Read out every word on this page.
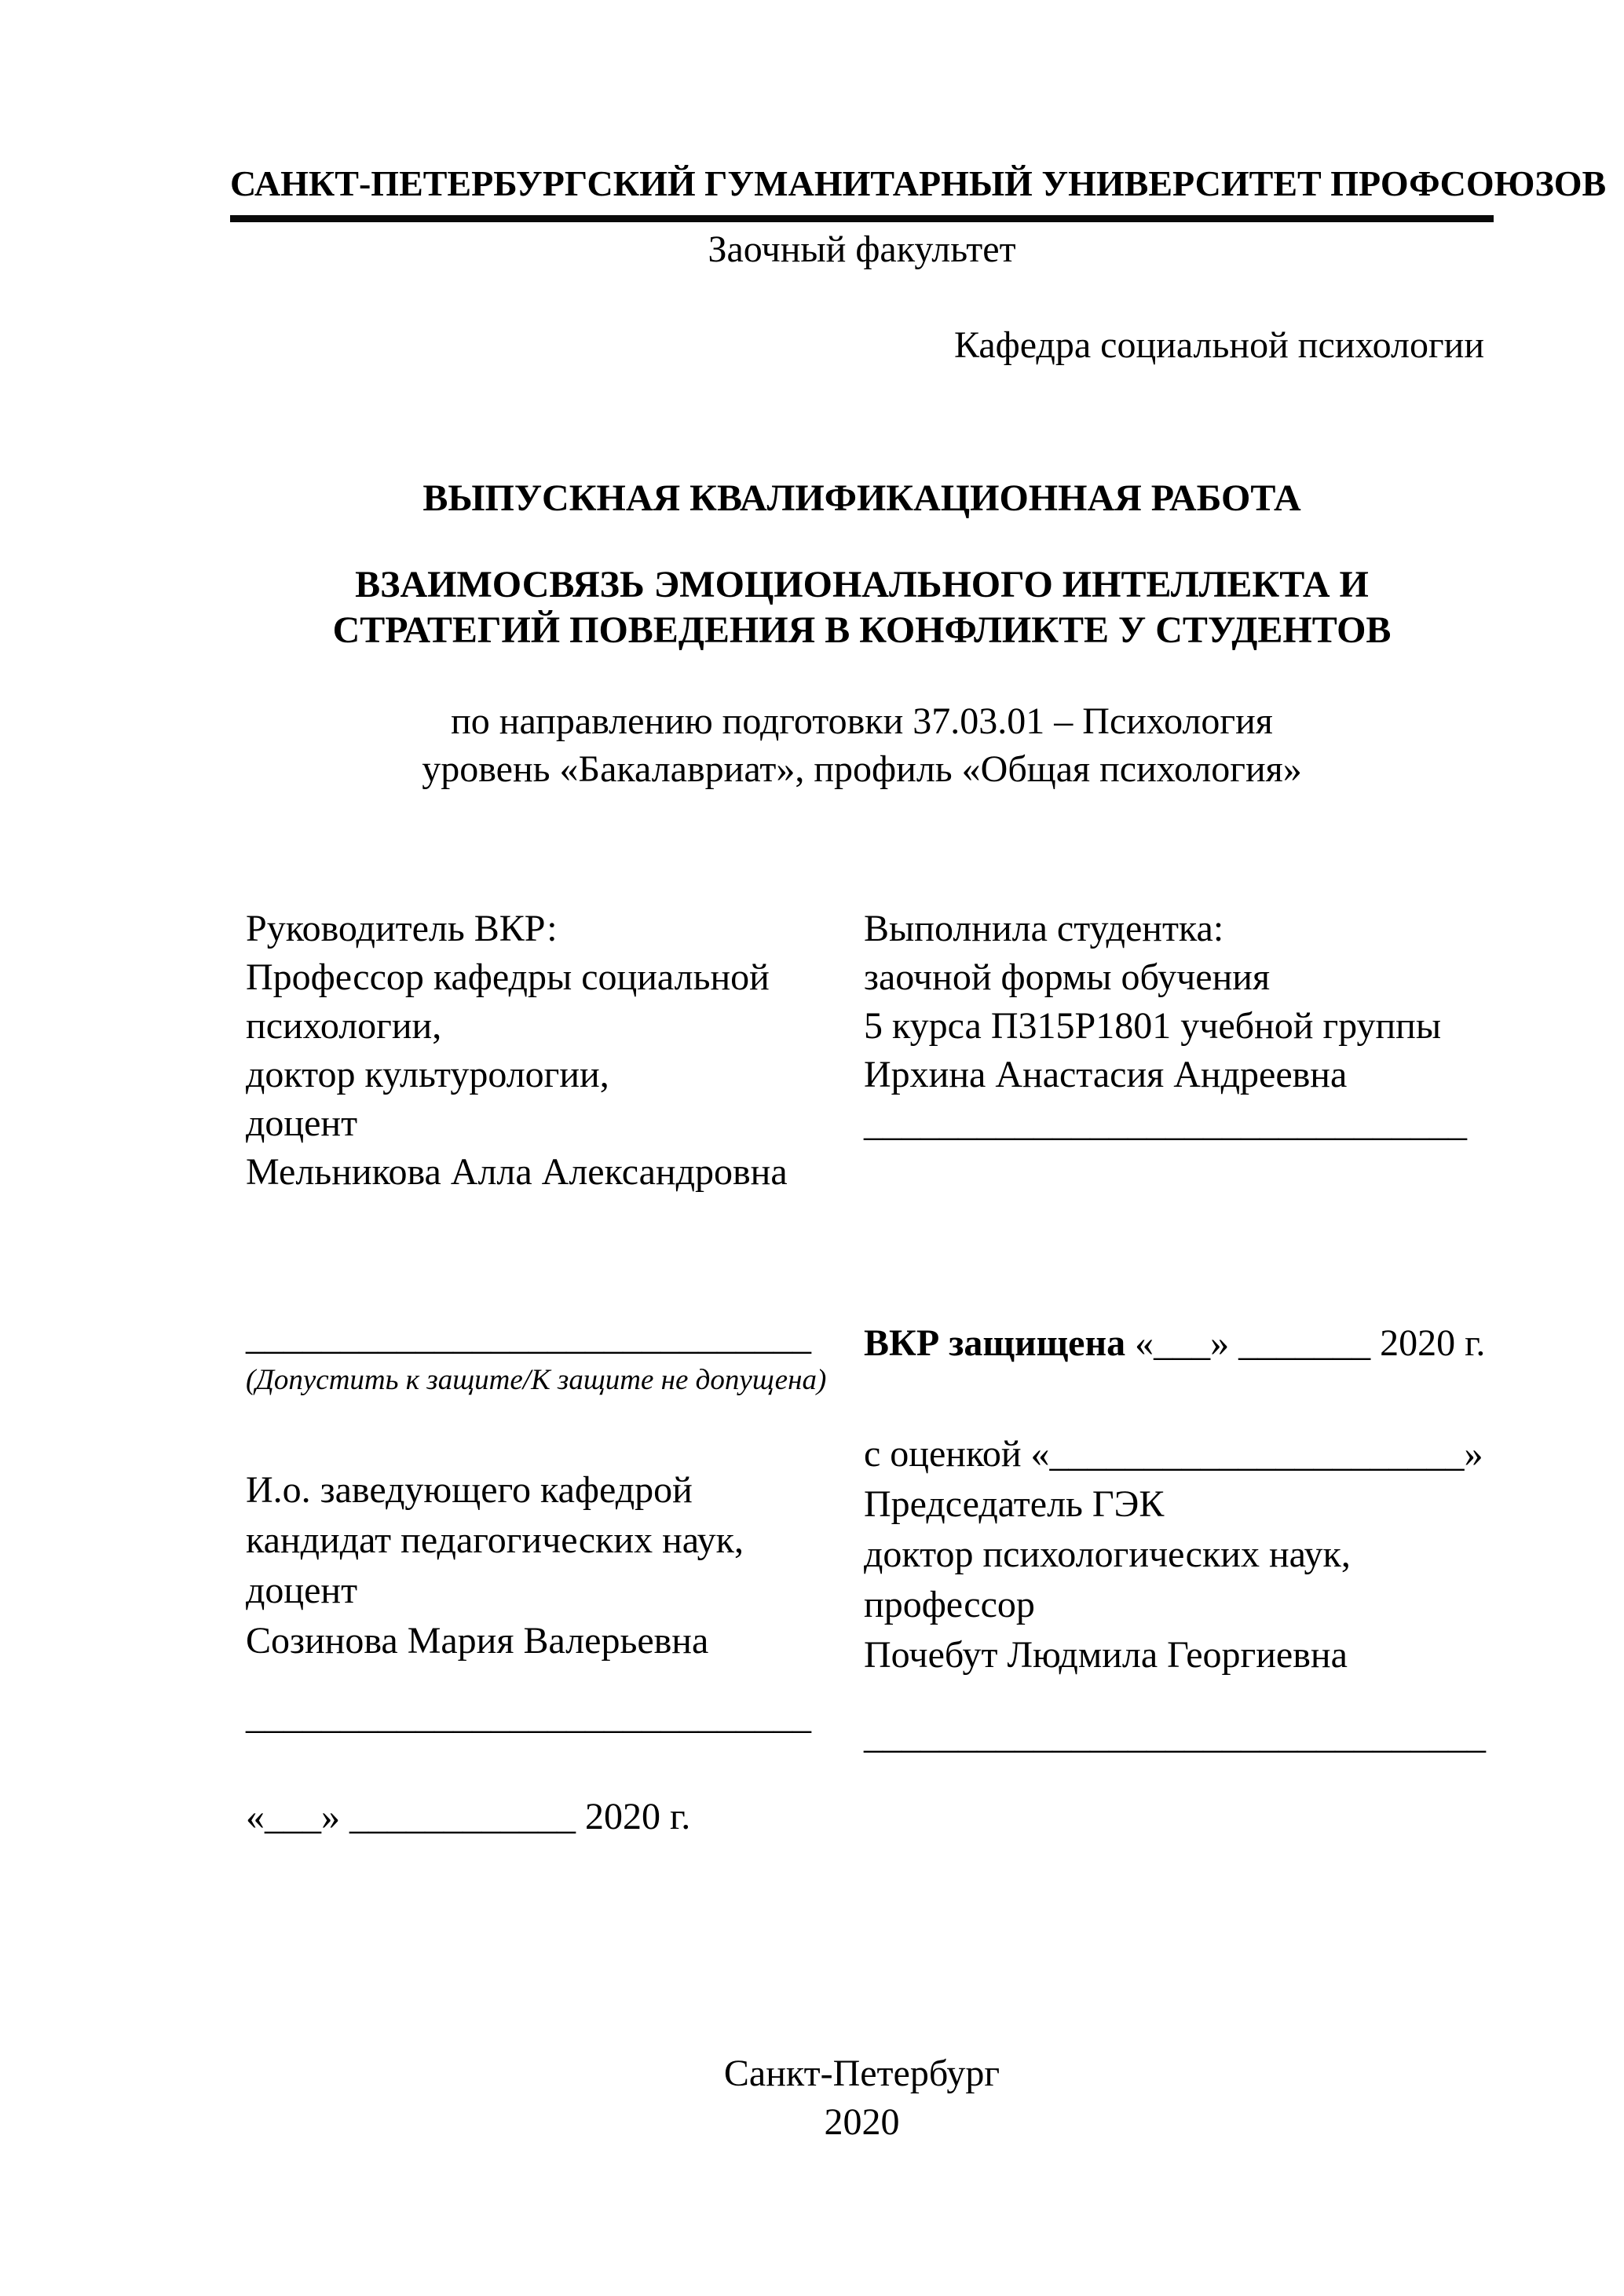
САНКТ-ПЕТЕРБУРГСКИЙ ГУМАНИТАРНЫЙ УНИВЕРСИТЕТ ПРОФСОЮЗОВ
Заочный факультет
Кафедра социальной психологии
ВЫПУСКНАЯ КВАЛИФИКАЦИОННАЯ РАБОТА
ВЗАИМОСВЯЗЬ ЭМОЦИОНАЛЬНОГО ИНТЕЛЛЕКТА И
СТРАТЕГИЙ ПОВЕДЕНИЯ В КОНФЛИКТЕ У СТУДЕНТОВ
по направлению подготовки 37.03.01 – Психология
уровень «Бакалавриат», профиль «Общая психология»
Руководитель ВКР:
Профессор кафедры социальной
психологии,
доктор культурологии,
доцент
Мельникова Алла Александровна
Выполнила студентка:
заочной формы обучения
5 курса П315Р1801 учебной группы
Ирхина Анастасия Андреевна
________________________________
______________________________
(Допустить к защите/К защите не допущена)
ВКР защищена «___» _______ 2020 г.
с оценкой «______________________»
Председатель ГЭК
доктор психологических наук,
профессор
Почебут Людмила Георгиевна
И.о. заведующего кафедрой
кандидат педагогических наук,
доцент
Созинова Мария Валерьевна
______________________________	_________________________________
«___» ____________ 2020 г.
Санкт-Петербург
2020
